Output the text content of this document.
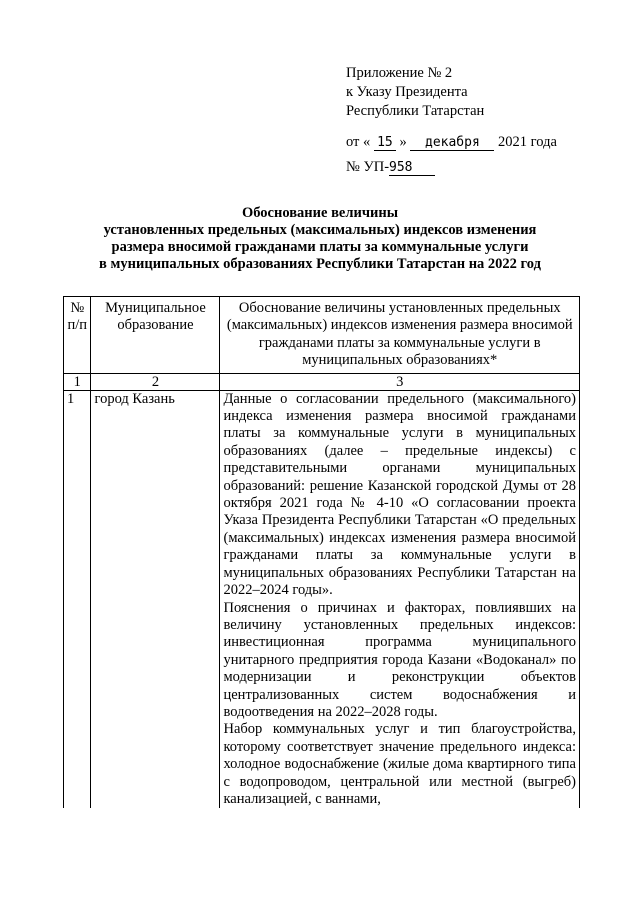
Приложение № 2
к Указу Президента
Республики Татарстан
от « 15 » декабря 2021 года
№ УП-958
Обоснование величины
установленных предельных (максимальных) индексов изменения
размера вносимой гражданами платы за коммунальные услуги
в муниципальных образованиях Республики Татарстан на 2022 год
№ п/п	Муниципальное образование	Обоснование величины установленных предельных (максимальных) индексов изменения размера вносимой гражданами платы за коммунальные услуги в муниципальных образованиях*
1	2	3
1	город Казань	Данные о согласовании предельного (максимального) индекса изменения размера вносимой гражданами платы за коммунальные услуги в муниципальных образованиях (далее – предельные индексы) с представительными органами муниципальных образований: решение Казанской городской Думы от 28 октября 2021 года № 4-10 «О согласовании проекта Указа Президента Республики Татарстан «О предельных (максимальных) индексах изменения размера вносимой гражданами платы за коммунальные услуги в муниципальных образованиях Республики Татарстан на 2022–2024 годы».

Пояснения о причинах и факторах, повлиявших на величину установленных предельных индексов: инвестиционная программа муниципального унитарного предприятия города Казани «Водоканал» по модернизации и реконструкции объектов централизованных систем водоснабжения и водоотведения на 2022–2028 годы.

Набор коммунальных услуг и тип благоустройства, которому соответствует значение предельного индекса: холодное водоснабжение (жилые дома квартирного типа с водопроводом, центральной или местной (выгреб) канализацией, с ваннами,
